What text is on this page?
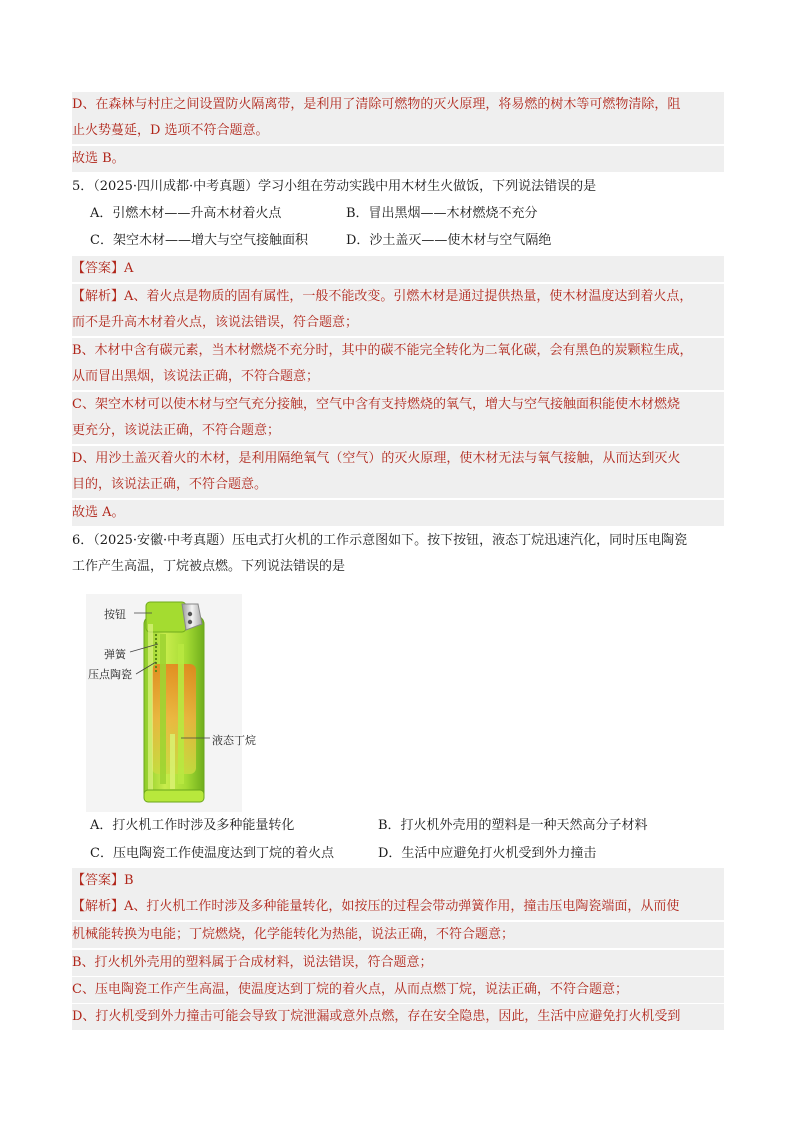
D、在森林与村庄之间设置防火隔离带，是利用了清除可燃物的灭火原理，将易燃的树木等可燃物清除，阻
止火势蔓延，D 选项不符合题意。
故选 B。
5．（2025·四川成都·中考真题）学习小组在劳动实践中用木材生火做饭，下列说法错误的是
A．引燃木材——升高木材着火点	B．冒出黑烟——木材燃烧不充分
C．架空木材——增大与空气接触面积	D．沙土盖灭——使木材与空气隔绝
【答案】A
【解析】A、着火点是物质的固有属性，一般不能改变。引燃木材是通过提供热量，使木材温度达到着火点，
而不是升高木材着火点，该说法错误，符合题意；
B、木材中含有碳元素，当木材燃烧不充分时，其中的碳不能完全转化为二氧化碳，会有黑色的炭颗粒生成，
从而冒出黑烟，该说法正确，不符合题意；
C、架空木材可以使木材与空气充分接触，空气中含有支持燃烧的氧气，增大与空气接触面积能使木材燃烧
更充分，该说法正确，不符合题意；
D、用沙土盖灭着火的木材，是利用隔绝氧气（空气）的灭火原理，使木材无法与氧气接触，从而达到灭火
目的，该说法正确，不符合题意。
故选 A。
6．（2025·安徽·中考真题）压电式打火机的工作示意图如下。按下按钮，液态丁烷迅速汽化，同时压电陶瓷
工作产生高温，丁烷被点燃。下列说法错误的是
按钮
弹簧
压点陶瓷
液态丁烷
A．打火机工作时涉及多种能量转化	B．打火机外壳用的塑料是一种天然高分子材料
C．压电陶瓷工作使温度达到丁烷的着火点	D．生活中应避免打火机受到外力撞击
【答案】B
【解析】A、打火机工作时涉及多种能量转化，如按压的过程会带动弹簧作用，撞击压电陶瓷端面，从而使
机械能转换为电能；丁烷燃烧，化学能转化为热能，说法正确，不符合题意；
B、打火机外壳用的塑料属于合成材料，说法错误，符合题意；
C、压电陶瓷工作产生高温，使温度达到丁烷的着火点，从而点燃丁烷，说法正确，不符合题意；
D、打火机受到外力撞击可能会导致丁烷泄漏或意外点燃，存在安全隐患，因此，生活中应避免打火机受到
